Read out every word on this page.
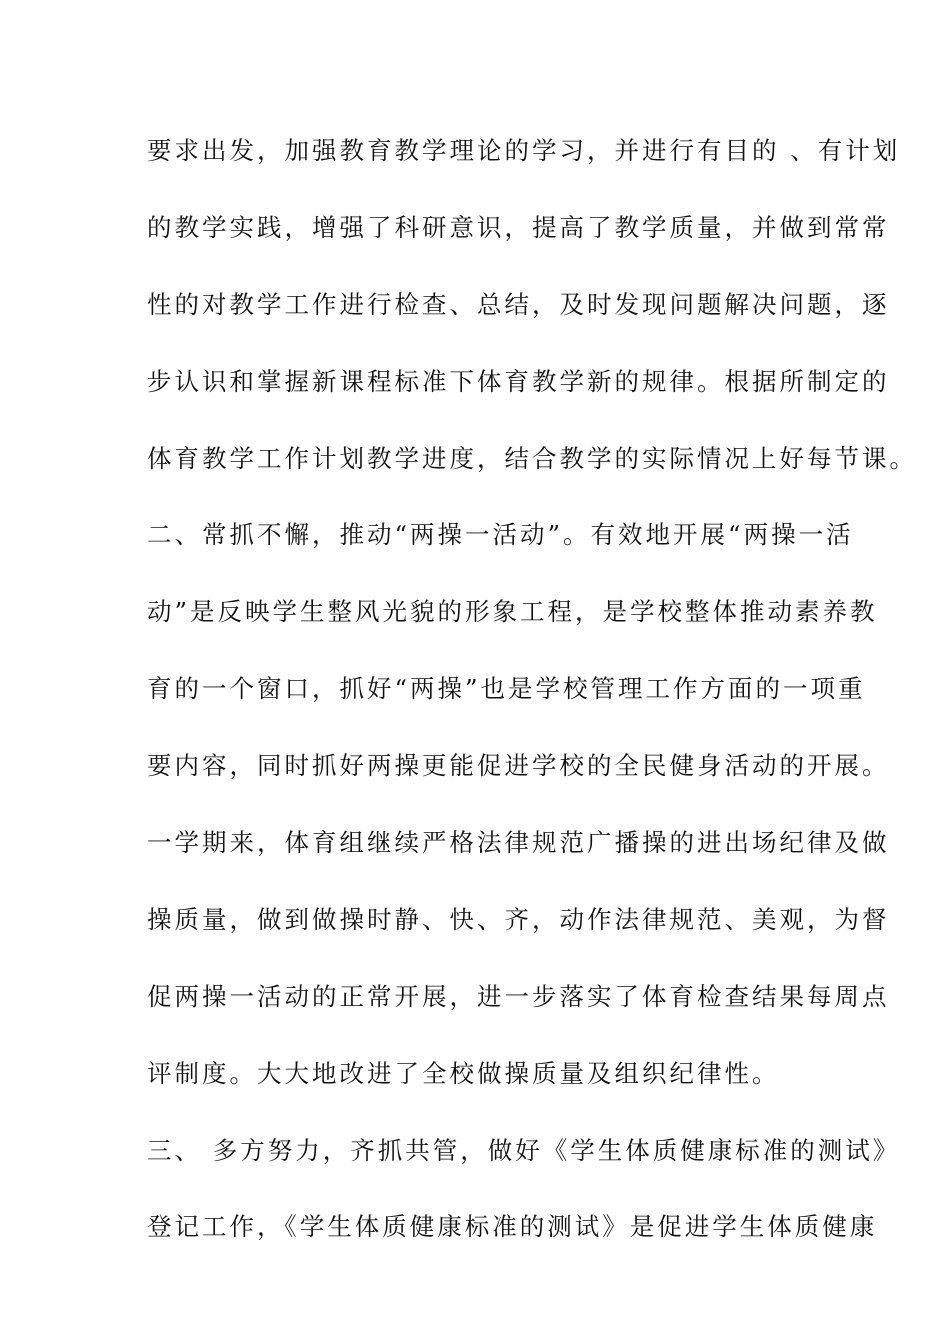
要求出发，加强教育教学理论的学习，并进行有目的 、有计划
的教学实践，增强了科研意识，提高了教学质量，并做到常常
性的对教学工作进行检查、总结，及时发现问题解决问题，逐
步认识和掌握新课程标准下体育教学新的规律。根据所制定的
体育教学工作计划教学进度，结合教学的实际情况上好每节课。
二、常抓不懈，推动“两操一活动”。有效地开展“两操一活
动”是反映学生整风光貌的形象工程，是学校整体推动素养教
育的一个窗口，抓好“两操”也是学校管理工作方面的一项重
要内容，同时抓好两操更能促进学校的全民健身活动的开展。
一学期来，体育组继续严格法律规范广播操的进出场纪律及做
操质量，做到做操时静、快、齐，动作法律规范、美观，为督
促两操一活动的正常开展，进一步落实了体育检查结果每周点
评制度。大大地改进了全校做操质量及组织纪律性。
三、 多方努力，齐抓共管，做好《学生体质健康标准的测试》
登记工作，《学生体质健康标准的测试》是促进学生体质健康
